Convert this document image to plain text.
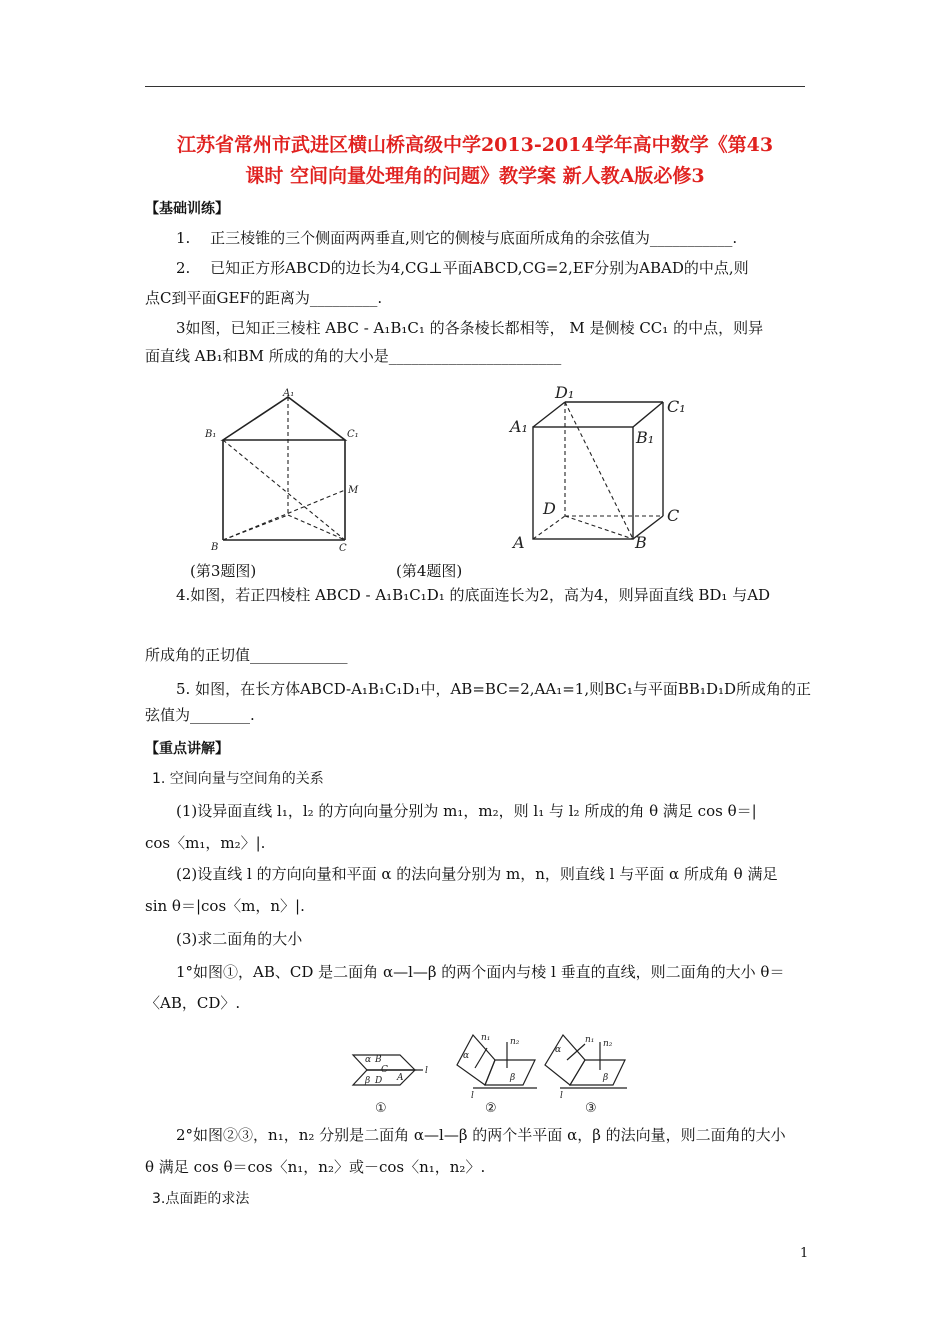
江苏省常州市武进区横山桥高级中学2013-2014学年高中数学《第43
课时 空间向量处理角的问题》教学案 新人教A版必修3
【基础训练】
1.　 正三棱锥的三个侧面两两垂直,则它的侧棱与底面所成角的余弦值为___________.
2.　 已知正方形ABCD的边长为4,CG⊥平面ABCD,CG=2,EF分别为ABAD的中点,则
点C到平面GEF的距离为_________.
3如图，已知正三棱柱 ABC - A₁B₁C₁ 的各条棱长都相等， M 是侧棱 CC₁ 的中点，则异
面直线 AB₁和BM 所成的角的大小是_______________________
A₁
B₁	C₁
M
B	C
D₁
C₁
A₁
B₁
D	C
A	B
(第3题图)	(第4题图)
4.如图，若正四棱柱 ABCD - A₁B₁C₁D₁ 的底面连长为2，高为4，则异面直线 BD₁ 与AD
所成角的正切值_____________
5. 如图，在长方体ABCD-A₁B₁C₁D₁中，AB=BC=2,AA₁=1,则BC₁与平面BB₁D₁D所成角的正
弦值为________.
【重点讲解】
1. 空间向量与空间角的关系
(1)设异面直线 l₁，l₂ 的方向向量分别为 m₁，m₂，则 l₁ 与 l₂ 所成的角 θ 满足 cos θ＝|
cos〈m₁，m₂〉|.
(2)设直线 l 的方向向量和平面 α 的法向量分别为 m，n，则直线 l 与平面 α 所成角 θ 满足
sin θ＝|cos〈m，n〉|.
(3)求二面角的大小
1°如图①，AB、CD 是二面角 α—l—β 的两个面内与棱 l 垂直的直线，则二面角的大小 θ＝
〈AB，CD〉.
α B
C
A
β D
l
n₁ n₂
α
β
l
α
n₁ n₂
β
l
①	②	③
2°如图②③，n₁，n₂ 分别是二面角 α—l—β 的两个半平面 α，β 的法向量，则二面角的大小
θ 满足 cos θ＝cos〈n₁，n₂〉或－cos〈n₁，n₂〉.
3.点面距的求法
1
